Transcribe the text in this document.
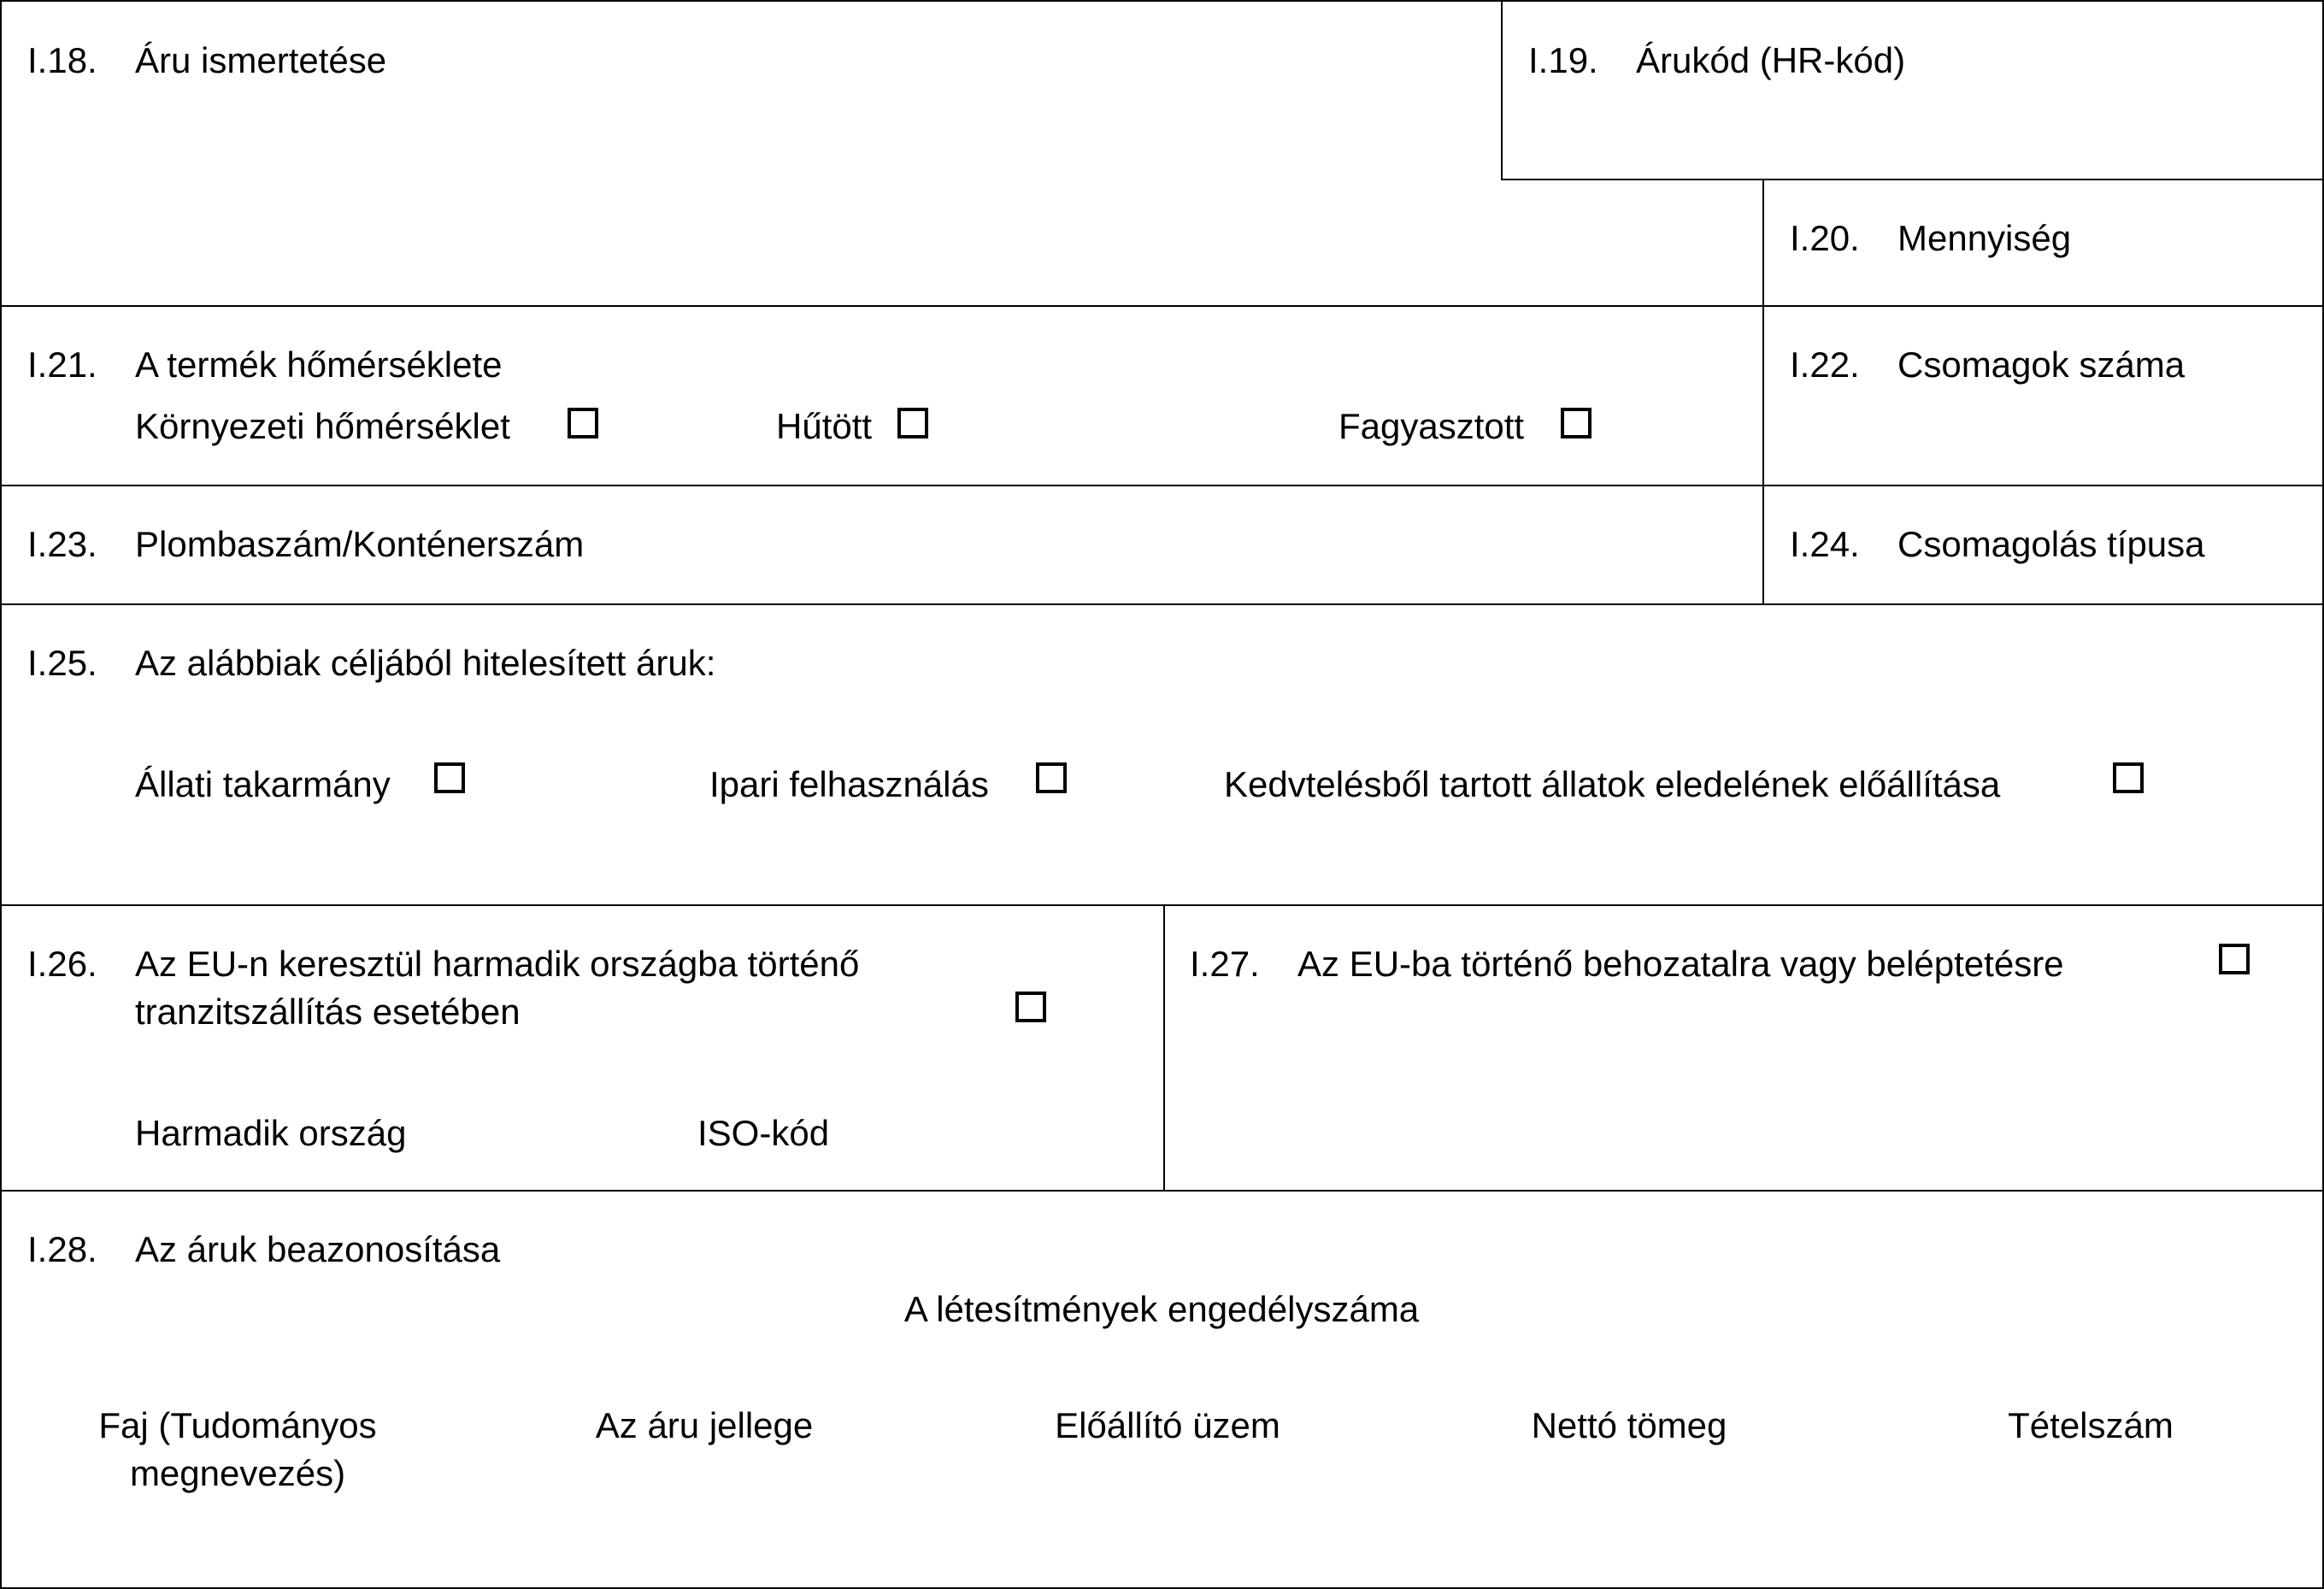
I.18. Áru ismertetése	I.19. Árukód (HR-kód)
I.20. Mennyiség
I.21. A termék hőmérséklete
Környezeti hőmérséklet	Hűtött	Fagyasztott
I.22. Csomagok száma
I.23. Plombaszám/Konténerszám	I.24. Csomagolás típusa
I.25. Az alábbiak céljából hitelesített áruk:
Állati takarmány	Ipari felhasználás	Kedvtelésből tartott állatok eledelének előállítása
I.26. Az EU-n keresztül harmadik országba történő
tranzitszállítás esetében
Harmadik ország	ISO-kód
I.27. Az EU-ba történő behozatalra vagy beléptetésre
I.28. Az áruk beazonosítása
A létesítmények engedélyszáma
Faj (Tudományos
megnevezés)
Az áru jellege	Előállító üzem	Nettó tömeg	Tételszám
